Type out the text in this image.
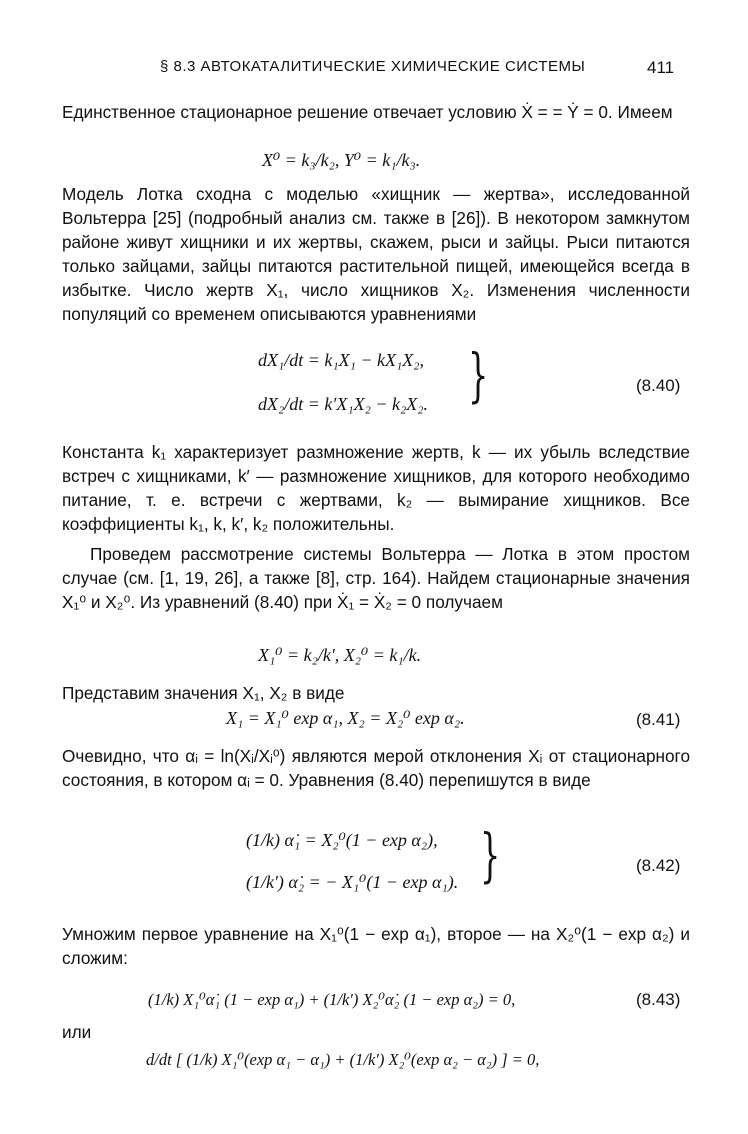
§ 8.3 АВТОКАТАЛИТИЧЕСКИЕ ХИМИЧЕСКИЕ СИСТЕМЫ	411
Единственное стационарное решение отвечает условию Ẋ = = Ẏ = 0. Имеем
X⁰ = k₃/k₂, Y⁰ = k₁/k₃.
Модель Лотка сходна с моделью «хищник — жертва», исследованной Вольтерра [25] (подробный анализ см. также в [26]). В некотором замкнутом районе живут хищники и их жертвы, скажем, рыси и зайцы. Рыси питаются только зайцами, зайцы питаются растительной пищей, имеющейся всегда в избытке. Число жертв X₁, число хищников X₂. Изменения численности популяций со временем описываются уравнениями
dX₁/dt = k₁X₁ − kX₁X₂,
dX₂/dt = k′X₁X₂ − k₂X₂. }	(8.40)
Константа k₁ характеризует размножение жертв, k — их убыль вследствие встреч с хищниками, k′ — размножение хищников, для которого необходимо питание, т. е. встречи с жертвами, k₂ — вымирание хищников. Все коэффициенты k₁, k, k′, k₂ положительны.
Проведем рассмотрение системы Вольтерра — Лотка в этом простом случае (см. [1, 19, 26], а также [8], стр. 164). Найдем стационарные значения X₁⁰ и X₂⁰. Из уравнений (8.40) при Ẋ₁ = Ẋ₂ = 0 получаем
X₁⁰ = k₂/k′, X₂⁰ = k₁/k.
Представим значения X₁, X₂ в виде
X₁ = X₁⁰ exp α₁, X₂ = X₂⁰ exp α₂.	(8.41)
Очевидно, что αᵢ = ln(Xᵢ/Xᵢ⁰) являются мерой отклонения Xᵢ от стационарного состояния, в котором αᵢ = 0. Уравнения (8.40) перепишутся в виде
(1/k) α̇₁ = X₂⁰(1 − exp α₂),
(1/k′) α̇₂ = − X₁⁰(1 − exp α₁). }	(8.42)
Умножим первое уравнение на X₁⁰(1 − exp α₁), второе — на X₂⁰(1 − exp α₂) и сложим:
(1/k) X₁⁰α̇₁ (1 − exp α₁) + (1/k′) X₂⁰α̇₂ (1 − exp α₂) = 0,	(8.43)
или
d/dt [ (1/k) X₁⁰(exp α₁ − α₁) + (1/k′) X₂⁰(exp α₂ − α₂) ] = 0,
